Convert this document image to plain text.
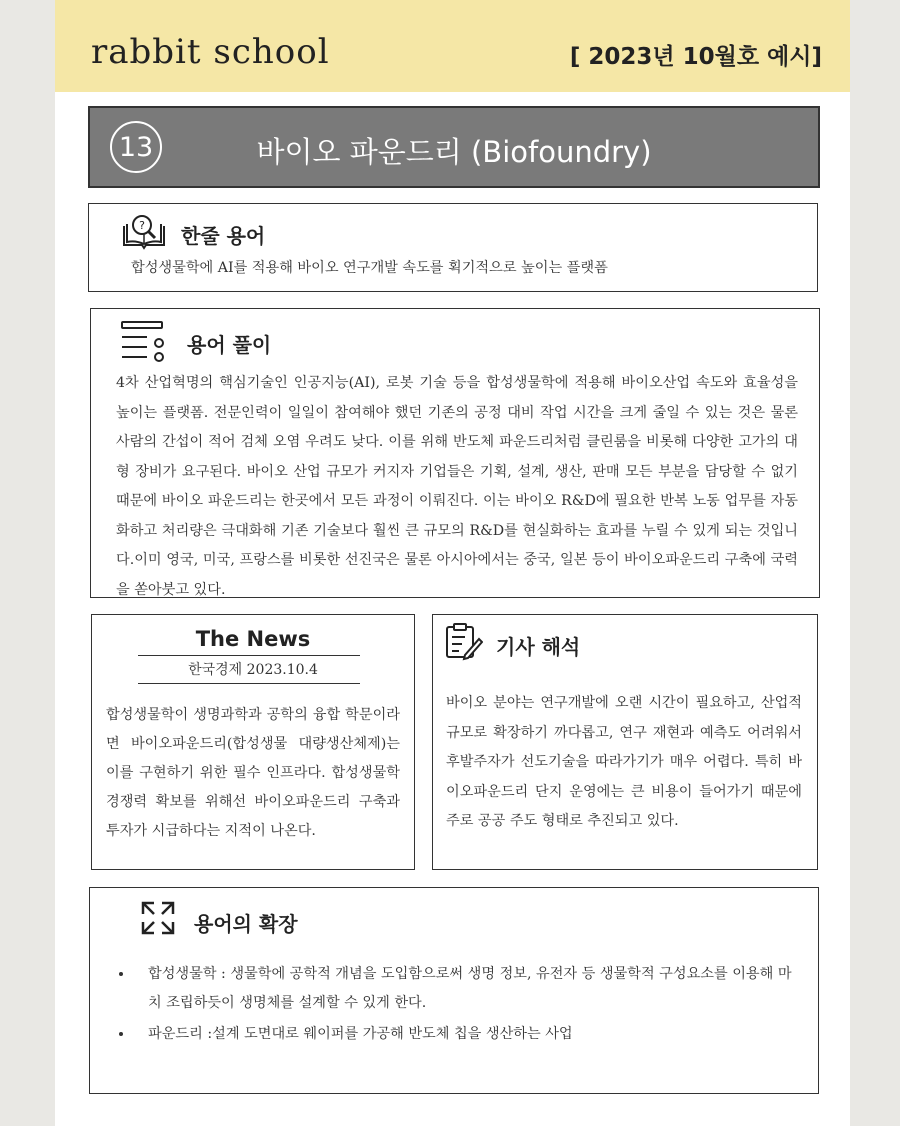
rabbit school	[ 2023년 10월호 예시]
13	바이오 파운드리 (Biofoundry)
? 한줄 용어
합성생물학에 AI를 적용해 바이오 연구개발 속도를 획기적으로 높이는 플랫폼
용어 풀이
4차 산업혁명의 핵심기술인 인공지능(AI), 로봇 기술 등을 합성생물학에 적용해 바이오산업 속도와 효율성을 높이는 플랫폼. 전문인력이 일일이 참여해야 했던 기존의 공정 대비 작업 시간을 크게 줄일 수 있는 것은 물론 사람의 간섭이 적어 검체 오염 우려도 낮다. 이를 위해 반도체 파운드리처럼 클린룸을 비롯해 다양한 고가의 대형 장비가 요구된다. 바이오 산업 규모가 커지자 기업들은 기획, 설계, 생산, 판매 모든 부분을 담당할 수 없기 때문에 바이오 파운드리는 한곳에서 모든 과정이 이뤄진다. 이는 바이오 R&D에 필요한 반복 노동 업무를 자동화하고 처리량은 극대화해 기존 기술보다 훨씬 큰 규모의 R&D를 현실화하는 효과를 누릴 수 있게 되는 것입니다.이미 영국, 미국, 프랑스를 비롯한 선진국은 물론 아시아에서는 중국, 일본 등이 바이오파운드리 구축에 국력을 쏟아붓고 있다.
The News
한국경제 2023.10.4
합성생물학이 생명과학과 공학의 융합 학문이라면 바이오파운드리(합성생물 대량생산체제)는 이를 구현하기 위한 필수 인프라다. 합성생물학 경쟁력 확보를 위해선 바이오파운드리 구축과 투자가 시급하다는 지적이 나온다.
기사 해석
바이오 분야는 연구개발에 오랜 시간이 필요하고, 산업적 규모로 확장하기 까다롭고, 연구 재현과 예측도 어려워서 후발주자가 선도기술을 따라가기가 매우 어렵다. 특히 바이오파운드리 단지 운영에는 큰 비용이 들어가기 때문에 주로 공공 주도 형태로 추진되고 있다.
용어의 확장
• 합성생물학 : 생물학에 공학적 개념을 도입함으로써 생명 정보, 유전자 등 생물학적 구성요소를 이용해 마치 조립하듯이 생명체를 설계할 수 있게 한다.
• 파운드리 :설계 도면대로 웨이퍼를 가공해 반도체 칩을 생산하는 사업
